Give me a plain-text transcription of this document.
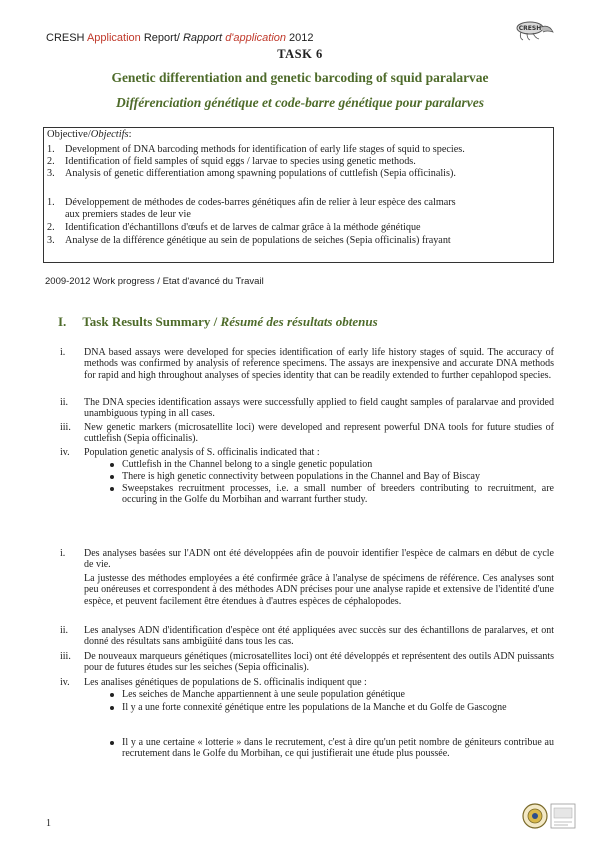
CRESH Application Report/ Rapport d'application 2012
CRESH
TASK 6
Genetic differentiation and genetic barcoding of squid paralarvae
Différenciation génétique et code-barre génétique pour paralarves
Objective/Objectifs:
1. Development of DNA barcoding methods for identification of early life stages of squid to species.
2. Identification of field samples of squid eggs / larvae to species using genetic methods.
3. Analysis of genetic differentiation among spawning populations of cuttlefish (Sepia officinalis).
1. Développement de méthodes de codes-barres génétiques afin de relier à leur espèce des calmars
aux premiers stades de leur vie
2. Identification d'échantillons d'œufs et de larves de calmar grâce à la méthode génétique
3. Analyse de la différence génétique au sein de populations de seiches (Sepia officinalis) frayant
2009-2012 Work progress / Etat d'avancé du Travail
I. Task Results Summary / Résumé des résultats obtenus
i.	DNA based assays were developed for species identification of early life history stages of squid. The accuracy of methods was confirmed by analysis of reference specimens. The assays are inexpensive and accurate DNA methods for rapid and high throughout analyses of species identity that can be readily extended to further cepahlopod species.
ii.	The DNA species identification assays were successfully applied to field caught samples of paralarvae and provided unambiguous typing in all cases.
iii.	New genetic markers (microsatellite loci) were developed and represent powerful DNA tools for future studies of cuttlefish (Sepia officinalis).
iv.	Population genetic analysis of S. officinalis indicated that :
Cuttlefish in the Channel belong to a single genetic population
There is high genetic connectivity between populations in the Channel and Bay of Biscay
Sweepstakes recruitment processes, i.e. a small number of breeders contributing to recruitment, are occuring in the Golfe du Morbihan and warrant further study.
i.	Des analyses basées sur l'ADN ont été développées afin de pouvoir identifier l'espèce de calmars en début de cycle de vie.
La justesse des méthodes employées a été confirmée grâce à l'analyse de spécimens de référence. Ces analyses sont peu onéreuses et correspondent à des méthodes ADN précises pour une analyse rapide et extensive de l'identité d'une espèce, et peuvent facilement être étendues à d'autres espèces de céphalopodes.
ii.	Les analyses ADN d'identification d'espèce ont été appliquées avec succès sur des échantillons de paralarves, et ont donné des résultats sans ambigüité dans tous les cas.
iii.	De nouveaux marqueurs génétiques (microsatellites loci) ont été développés et représentent des outils ADN puissants pour de futures études sur les seiches (Sepia officinalis).
iv.	Les analises génétiques de populations de S. officinalis indiquent que :
Les seiches de Manche appartiennent à une seule population génétique
Il y a une forte connexité génétique entre les populations de la Manche et du Golfe de Gascogne
Il y a une certaine « lotterie » dans le recrutement, c'est à dire qu'un petit nombre de géniteurs contribue au recrutement dans le Golfe du Morbihan, ce qui justifierait une étude plus poussée.
1
